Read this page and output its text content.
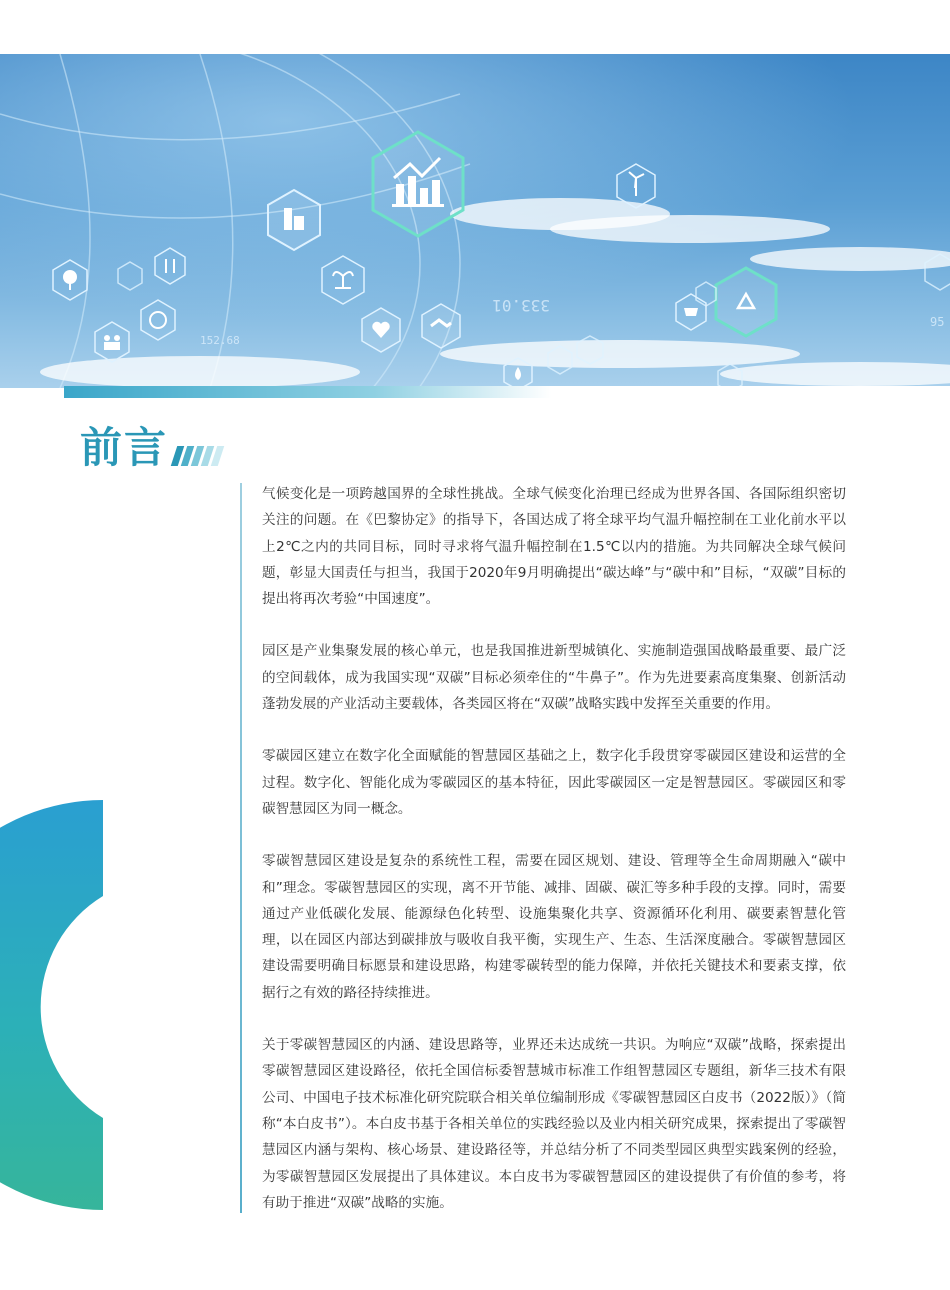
333.01
152.68
95
前言

气候变化是一项跨越国界的全球性挑战。全球气候变化治理已经成为世界各国、各国际组织密切关注的问题。在《巴黎协定》的指导下，各国达成了将全球平均气温升幅控制在工业化前水平以上2℃之内的共同目标，同时寻求将气温升幅控制在1.5℃以内的措施。为共同解决全球气候问题，彰显大国责任与担当，我国于2020年9月明确提出“碳达峰”与“碳中和”目标，“双碳”目标的提出将再次考验“中国速度”。

园区是产业集聚发展的核心单元，也是我国推进新型城镇化、实施制造强国战略最重要、最广泛的空间载体，成为我国实现“双碳”目标必须牵住的“牛鼻子”。作为先进要素高度集聚、创新活动蓬勃发展的产业活动主要载体，各类园区将在“双碳”战略实践中发挥至关重要的作用。

零碳园区建立在数字化全面赋能的智慧园区基础之上，数字化手段贯穿零碳园区建设和运营的全过程。数字化、智能化成为零碳园区的基本特征，因此零碳园区一定是智慧园区。零碳园区和零碳智慧园区为同一概念。

零碳智慧园区建设是复杂的系统性工程，需要在园区规划、建设、管理等全生命周期融入“碳中和”理念。零碳智慧园区的实现，离不开节能、减排、固碳、碳汇等多种手段的支撑。同时，需要通过产业低碳化发展、能源绿色化转型、设施集聚化共享、资源循环化利用、碳要素智慧化管理，以在园区内部达到碳排放与吸收自我平衡，实现生产、生态、生活深度融合。零碳智慧园区建设需要明确目标愿景和建设思路，构建零碳转型的能力保障，并依托关键技术和要素支撑，依据行之有效的路径持续推进。

关于零碳智慧园区的内涵、建设思路等，业界还未达成统一共识。为响应“双碳”战略，探索提出零碳智慧园区建设路径，依托全国信标委智慧城市标准工作组智慧园区专题组，新华三技术有限公司、中国电子技术标准化研究院联合相关单位编制形成《零碳智慧园区白皮书（2022版）》（简称“本白皮书”）。本白皮书基于各相关单位的实践经验以及业内相关研究成果，探索提出了零碳智慧园区内涵与架构、核心场景、建设路径等，并总结分析了不同类型园区典型实践案例的经验，为零碳智慧园区发展提出了具体建议。本白皮书为零碳智慧园区的建设提供了有价值的参考，将有助于推进“双碳”战略的实施。
